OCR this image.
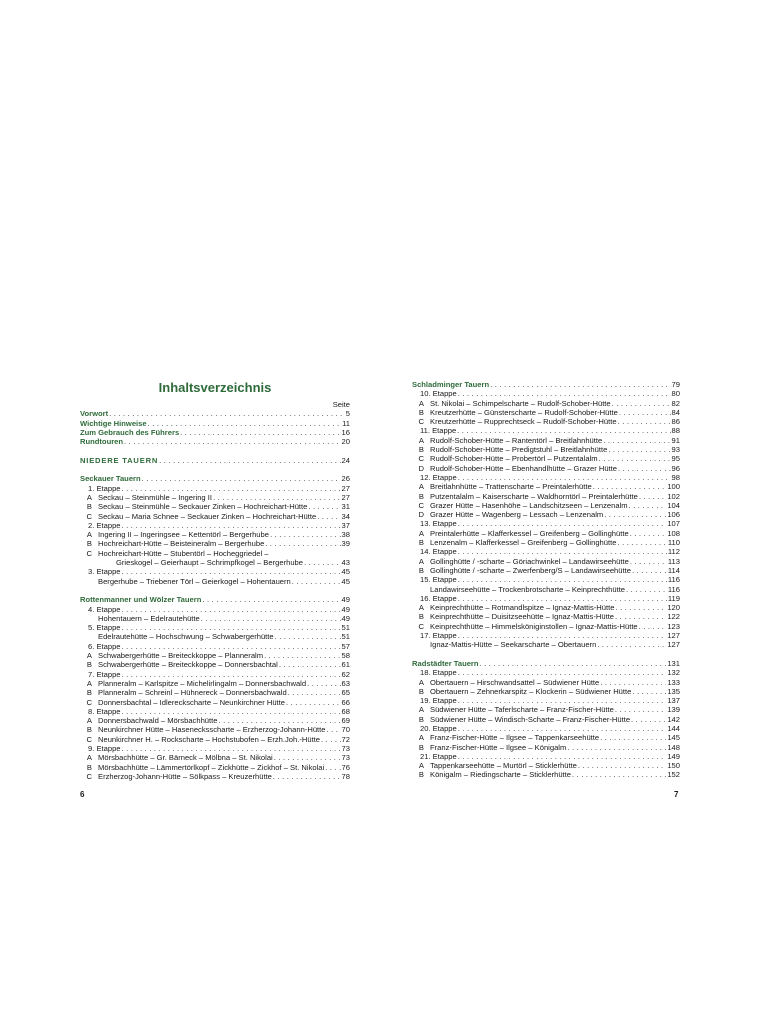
Inhaltsverzeichnis
Seite
Vorwort . . .	5
Wichtige Hinweise . . .	11
Zum Gebrauch des Führers . . .	16
Rundtouren . . .	20
NIEDERE TAUERN . . .	24
Seckauer Tauern . . .	26
1. Etappe . . .	27
A Seckau – Steinmühle – Ingering II . . .	27
B Seckau – Steinmühle – Seckauer Zinken – Hochreichart-Hütte . . .	31
C Seckau – Maria Schnee – Seckauer Zinken – Hochreichart-Hütte . . .	34
2. Etappe . . .	37
A Ingering II – Ingeringsee – Kettentörl – Bergerhube . . .	38
B Hochreichart-Hütte – Beisteineralm – Bergerhube . . .	39
C Hochreichart-Hütte – Stubentörl – Hocheggriedel –
Grieskogel – Geierhaupt – Schrimpfkogel – Bergerhube . . .	43
3. Etappe . . .	45
Bergerhube – Triebener Törl – Geierkogel – Hohentauern . . .	45
Rottenmanner und Wölzer Tauern . . .	49
4. Etappe . . .	49
Hohentauern – Edelrautehütte . . .	49
5. Etappe . . .	51
Edelrautehütte – Hochschwung – Schwabergerhütte . . .	51
6. Etappe . . .	57
A Schwabergerhütte – Breiteckkoppe – Planneralm . . .	58
B Schwabergerhütte – Breiteckkoppe – Donnersbachtal . . .	61
7. Etappe . . .	62
A Planneralm – Karlspitze – Michelirlingalm – Donnersbachwald . . .	63
B Planneralm – Schreinl – Hühnereck – Donnersbachwald . . .	65
C Donnersbachtal – Idlereckscharte – Neunkirchner Hütte . . .	66
8. Etappe . . .	68
A Donnersbachwald – Mörsbachhütte . . .	69
B Neunkirchner Hütte – Hasenecksscharte – Erzherzog-Johann-Hütte . . . 70
C Neunkirchner H. – Rockscharte – Hochstubofen – Erzh.Joh.-Hütte . . .	72
9. Etappe . . .	73
A Mörsbachhütte – Gr. Bärneck – Mölbna – St. Nikolai . . .	73
B Mörsbachhütte – Lämmertörlkopf – Zickhütte – Zickhof – St. Nikolai . . . 76
C Erzherzog-Johann-Hütte – Sölkpass – Kreuzerhütte . . .	78
Schladminger Tauern . . .	79
10. Etappe . . .	80
A St. Nikolai – Schimpelscharte – Rudolf-Schober-Hütte . . .	82
B Kreutzerhütte – Günsterscharte – Rudolf-Schober-Hütte . . .	84
C Kreutzerhütte – Rupprechtseck – Rudolf-Schober-Hütte . . .	86
11. Etappe . . .	88
A Rudolf-Schober-Hütte – Rantentörl – Breitlahnhütte . . .	91
B Rudolf-Schober-Hütte – Predigtstuhl – Breitlahnhütte . . .	93
C Rudolf-Schober-Hütte – Probertörl – Putzentalalm . . .	95
D Rudolf-Schober-Hütte – Ebenhandlhütte – Grazer Hütte . . .	96
12. Etappe . . .	98
A Breitlahnhütte – Trattenscharte – Preintalerhütte . . .	100
B Putzentalalm – Kaiserscharte – Waldhorntörl – Preintalerhütte . . .	102
C Grazer Hütte – Hasenhöhe – Landschitzseen – Lenzenalm . . .	104
D Grazer Hütte – Wagenberg – Lessach – Lenzenalm . . .	106
13. Etappe . . .	107
A Preintalerhütte – Klafferkessel – Greifenberg – Gollinghütte . . .	108
B Lenzenalm – Klafferkessel – Greifenberg – Gollinghütte . . .	110
14. Etappe . . .	112
A Gollinghütte / -scharte – Göriachwinkel – Landawirseehütte . . .	113
B Gollinghütte / -scharte – Zwerfenberg/S – Landawirseehütte . . .	114
15. Etappe . . .	116
Landawirseehütte – Trockenbrotscharte – Keinprechthütte . . .	116
16. Etappe . . .	119
A Keinprechthütte – Rotmandlspitze – Ignaz-Mattis-Hütte . . .	120
B Keinprechthütte – Duisitzseehütte – Ignaz-Mattis-Hütte . . .	122
C Keinprechthütte – Himmelsköniginstollen – Ignaz-Mattis-Hütte . . .	123
17. Etappe . . .	127
Ignaz-Mattis-Hütte – Seekarscharte – Obertauern . . .	127
Radstädter Tauern . . .	131
18. Etappe . . .	132
A Obertauern – Hirschwandsattel – Südwiener Hütte . . .	133
B Obertauern – Zehnerkarspitz – Klockerin – Südwiener Hütte . . .	135
19. Etappe . . .	137
A Südwiener Hütte – Taferlscharte – Franz-Fischer-Hütte . . .	139
B Südwiener Hütte – Windisch-Scharte – Franz-Fischer-Hütte . . .	142
20. Etappe . . .	144
A Franz-Fischer-Hütte – Ilgsee – Tappenkarseehütte . . .	145
B Franz-Fischer-Hütte – Ilgsee – Königalm . . .	148
21. Etappe . . .	149
A Tappenkarseehütte – Murtörl – Sticklerhütte . . .	150
B Königalm – Riedingscharte – Sticklerhütte . . .	152
6	7
